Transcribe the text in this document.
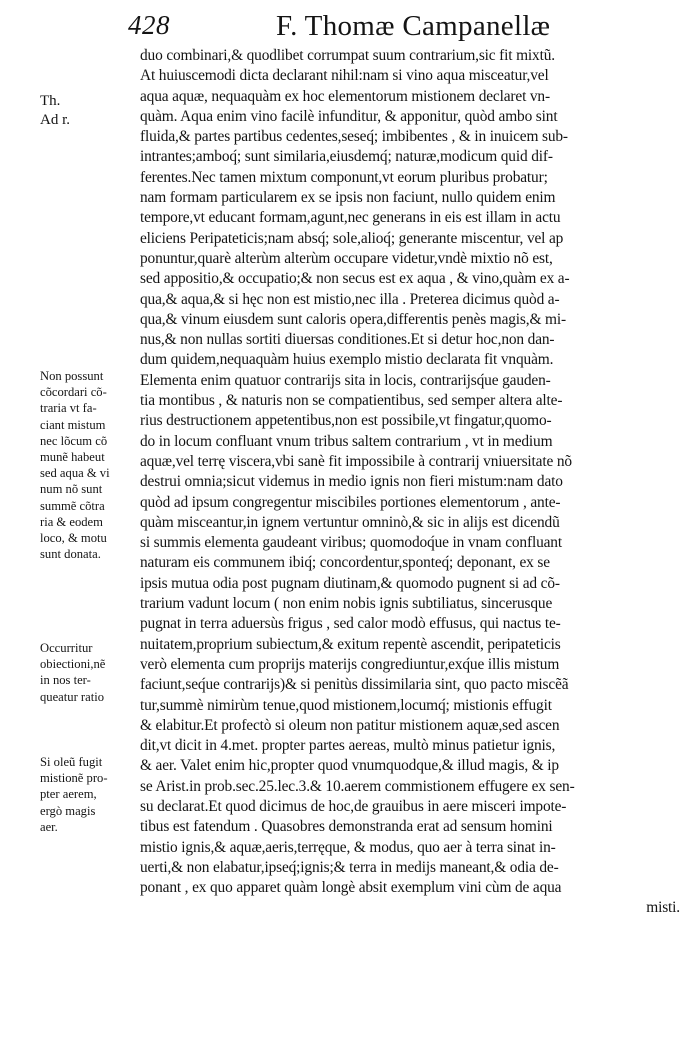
428	F. Thomæ Campanellæ
Th.
Ad r.
Non possunt
cõcordari cõ-
traria vt fa-
ciant mistum
nec lõcum cõ
munẽ habeut
sed aqua & vi
num nõ sunt
summẽ cõtra
ria & eodem
loco, & motu
sunt donata.
Occurritur
obiectioni,nẽ
in nos ter-
queatur ratio
Si oleũ fugit
mistionẽ pro-
pter aerem,
ergò magis
aer.
duo combinari,& quodlibet corrumpat suum contrarium,sic fit mixtũ.
At huiuscemodi dicta declarant nihil:nam si vino aqua misceatur,vel
aqua aquæ, nequaquàm ex hoc elementorum mistionem declaret vn-
quàm. Aqua enim vino facilè infunditur, & apponitur, quòd ambo sint
fluida,& partes partibus cedentes,seseq́; imbibentes , & in inuicem sub-
intrantes;amboq́; sunt similaria,eiusdemq́; naturæ,modicum quid dif-
ferentes.Nec tamen mixtum componunt,vt eorum pluribus probatur;
nam formam particularem ex se ipsis non faciunt, nullo quidem enim
tempore,vt educant formam,agunt,nec generans in eis est illam in actu
eliciens Peripateticis;nam absq́; sole,alioq́; generante miscentur, vel ap
ponuntur,quarè alterùm alterùm occupare videtur,vndè mixtio nõ est,
sed appositio,& occupatio;& non secus est ex aqua , & vino,quàm ex a-
qua,& aqua,& si hęc non est mistio,nec illa . Preterea dicimus quòd a-
qua,& vinum eiusdem sunt caloris opera,differentis penès magis,& mi-
nus,& non nullas sortiti diuersas conditiones.Et si detur hoc,non dan-
dum quidem,nequaquàm huius exemplo mistio declarata fit vnquàm.
Elementa enim quatuor contrarijs sita in locis, contrarijsq́ue gauden-
tia montibus , & naturis non se compatientibus, sed semper altera alte-
rius destructionem appetentibus,non est possibile,vt fingatur,quomo-
do in locum confluant vnum tribus saltem contrarium , vt in medium
aquæ,vel terrę viscera,vbi sanè fit impossibile à contrarij vniuersitate nõ
destrui omnia;sicut videmus in medio ignis non fieri mistum:nam dato
quòd ad ipsum congregentur miscibiles portiones elementorum , ante-
quàm misceantur,in ignem vertuntur omninò,& sic in alijs est dicendũ
si summis elementa gaudeant viribus; quomodoq́ue in vnam confluant
naturam eis communem ibiq́; concordentur,sponteq́; deponant, ex se
ipsis mutua odia post pugnam diutinam,& quomodo pugnent si ad cõ-
trarium vadunt locum ( non enim nobis ignis subtiliatus, sincerusque
pugnat in terra aduersùs frigus , sed calor modò effusus, qui nactus te-
nuitatem,proprium subiectum,& exitum repentè ascendit, peripateticis
verò elementa cum proprijs materijs congrediuntur,exq́ue illis mistum
faciunt,seq́ue contrarijs)& si penitùs dissimilaria sint, quo pacto miscẽã
tur,summè nimirùm tenue,quod mistionem,locumq́; mistionis effugit
& elabitur.Et profectò si oleum non patitur mistionem aquæ,sed ascen
dit,vt dicit in 4.met. propter partes aereas, multò minus patietur ignis,
& aer. Valet enim hic,propter quod vnumquodque,& illud magis, & ip
se Arist.in prob.sec.25.lec.3.& 10.aerem commistionem effugere ex sen-
su declarat.Et quod dicimus de hoc,de grauibus in aere misceri impote-
tibus est fatendum . Quasobres demonstranda erat ad sensum homini
mistio ignis,& aquæ,aeris,terręque, & modus, quo aer à terra sinat in-
uerti,& non elabatur,ipseq́;ignis;& terra in medijs maneant,& odia de-
ponant , ex quo apparet quàm longè absit exemplum vini cùm de aqua
misti.
